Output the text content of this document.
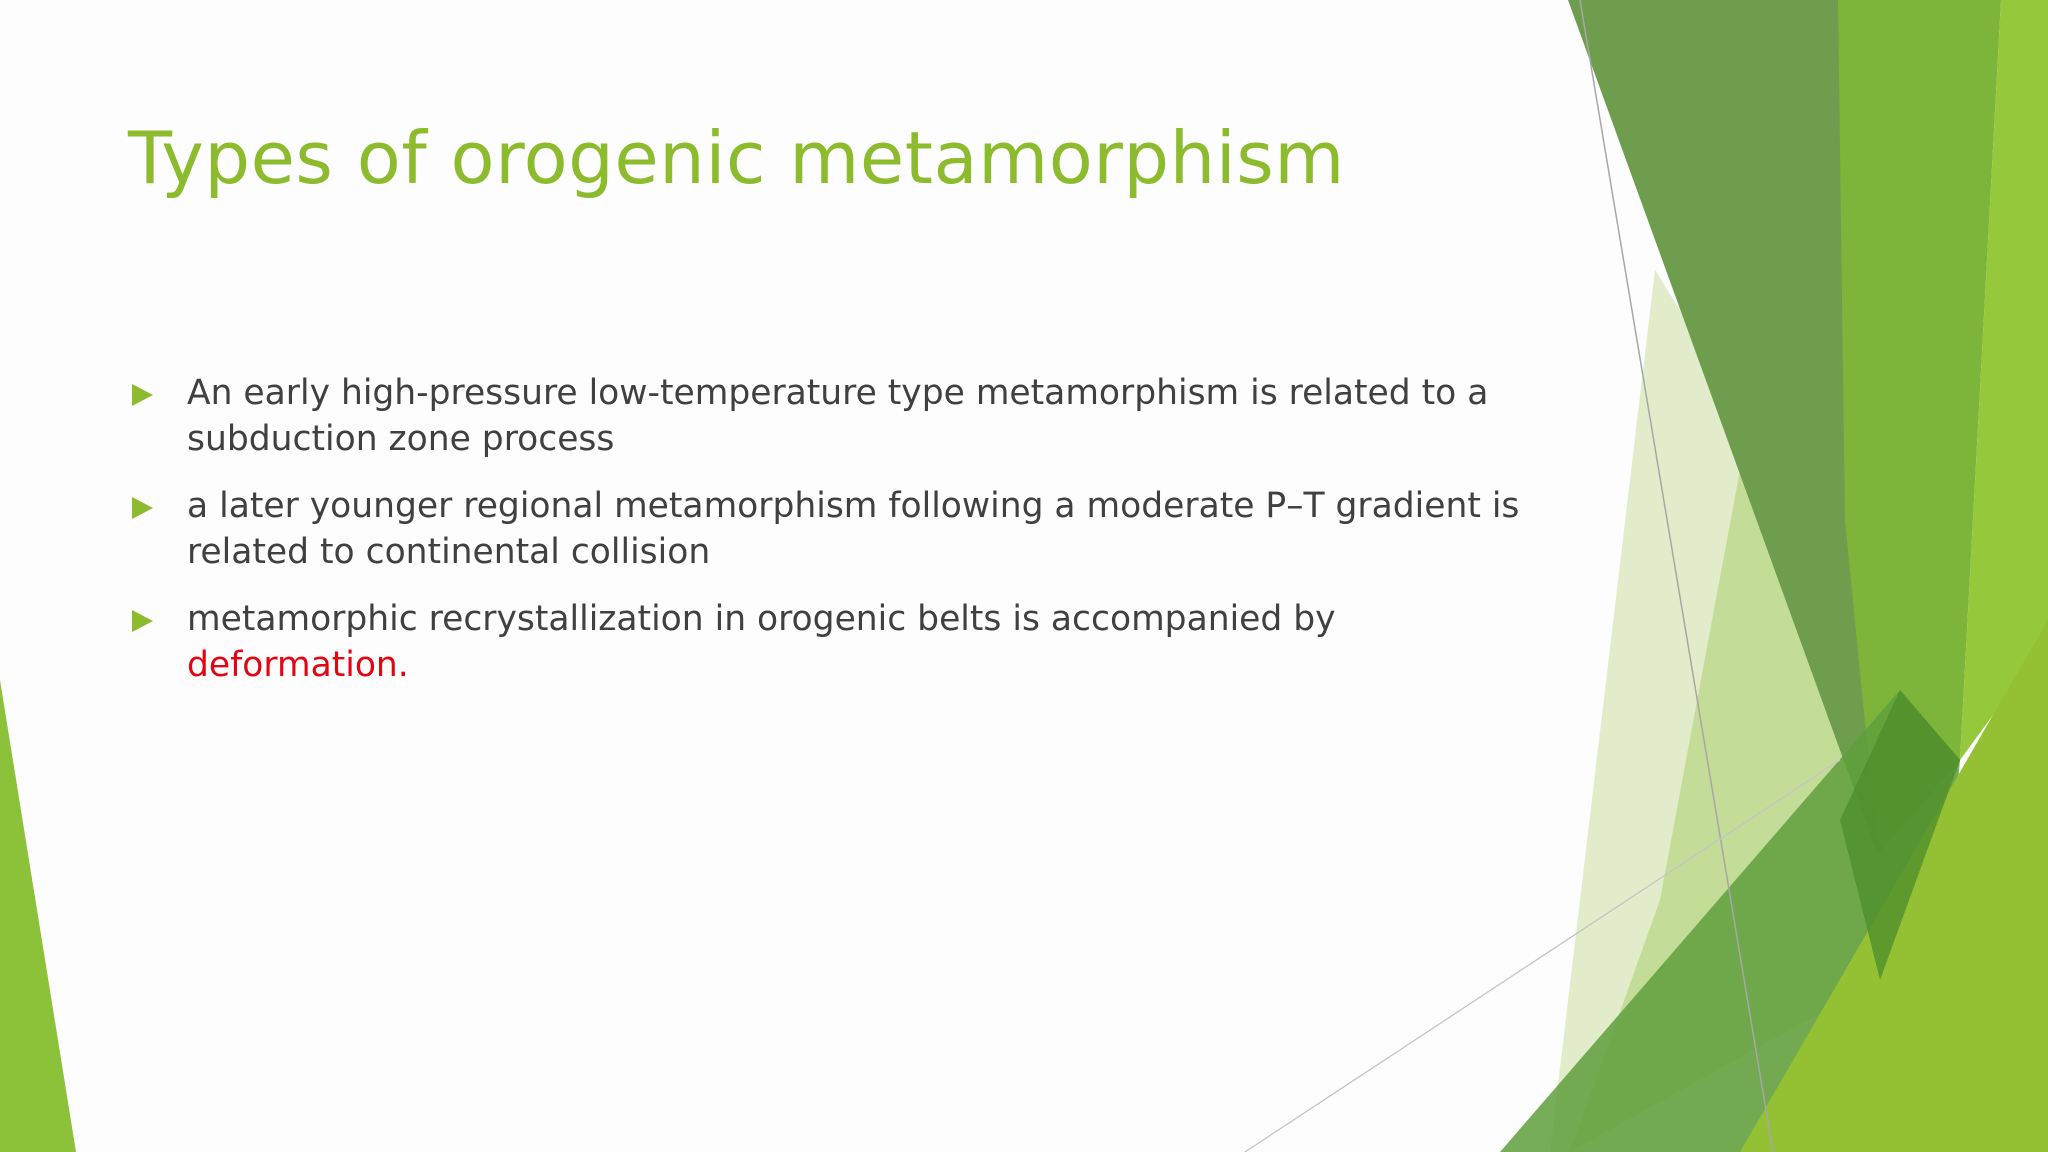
Types of orogenic metamorphism
An early high-pressure low-temperature type metamorphism is related to a subduction zone process
a later younger regional metamorphism following a moderate P–T gradient is related to continental collision
metamorphic recrystallization in orogenic belts is accompanied by deformation.
